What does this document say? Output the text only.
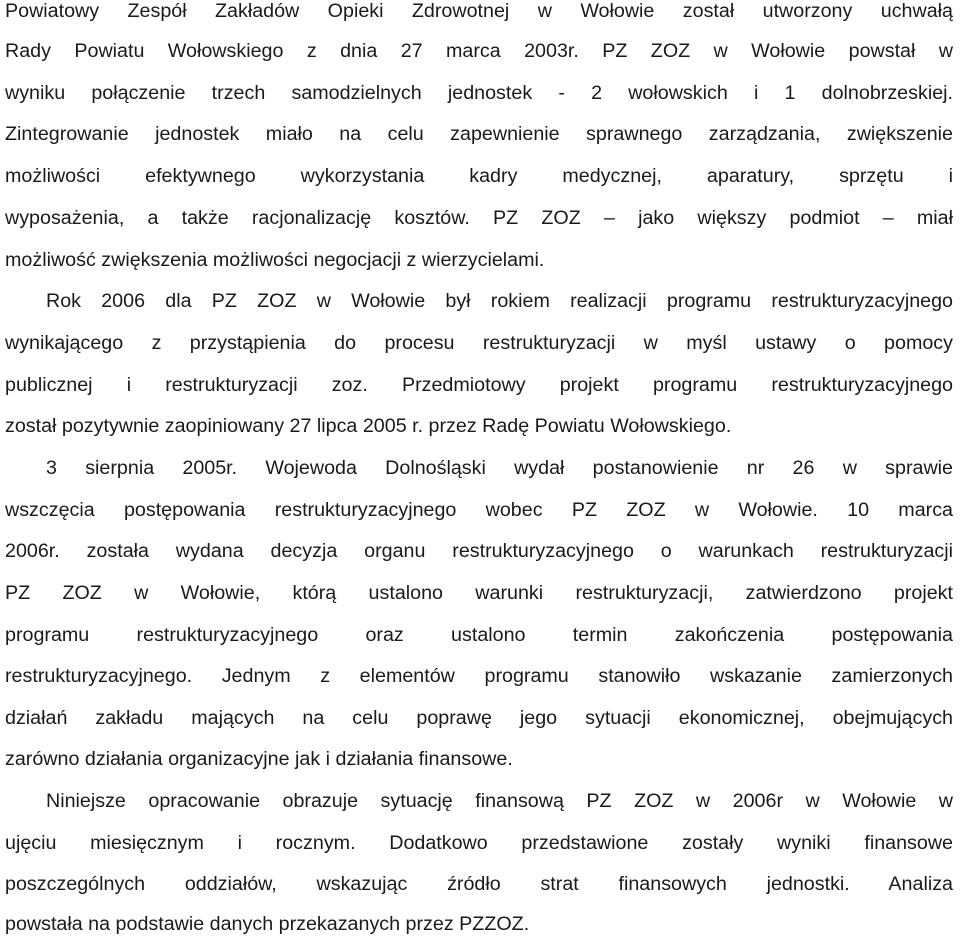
Powiatowy Zespół Zakładów Opieki Zdrowotnej w Wołowie został utworzony uchwałą
Rady Powiatu Wołowskiego z dnia 27 marca 2003r. PZ ZOZ w Wołowie powstał w
wyniku połączenie trzech samodzielnych jednostek - 2 wołowskich i 1 dolnobrzeskiej.
Zintegrowanie jednostek miało na celu zapewnienie sprawnego zarządzania, zwiększenie
możliwości efektywnego wykorzystania kadry medycznej, aparatury, sprzętu i
wyposażenia, a także racjonalizację kosztów. PZ ZOZ – jako większy podmiot – miał
możliwość zwiększenia możliwości negocjacji z wierzycielami.
Rok 2006 dla PZ ZOZ w Wołowie był rokiem realizacji programu restrukturyzacyjnego
wynikającego z przystąpienia do procesu restrukturyzacji w myśl ustawy o pomocy
publicznej i restrukturyzacji zoz. Przedmiotowy projekt programu restrukturyzacyjnego
został pozytywnie zaopiniowany 27 lipca 2005 r. przez Radę Powiatu Wołowskiego.
3 sierpnia 2005r. Wojewoda Dolnośląski wydał postanowienie nr 26 w sprawie
wszczęcia postępowania restrukturyzacyjnego wobec PZ ZOZ w Wołowie. 10 marca
2006r. została wydana decyzja organu restrukturyzacyjnego o warunkach restrukturyzacji
PZ ZOZ w Wołowie, którą ustalono warunki restrukturyzacji, zatwierdzono projekt
programu restrukturyzacyjnego oraz ustalono termin zakończenia postępowania
restrukturyzacyjnego. Jednym z elementów programu stanowiło wskazanie zamierzonych
działań zakładu mających na celu poprawę jego sytuacji ekonomicznej, obejmujących
zarówno działania organizacyjne jak i działania finansowe.
Niniejsze opracowanie obrazuje sytuację finansową PZ ZOZ w 2006r w Wołowie w
ujęciu miesięcznym i rocznym. Dodatkowo przedstawione zostały wyniki finansowe
poszczególnych oddziałów, wskazując źródło strat finansowych jednostki. Analiza
powstała na podstawie danych przekazanych przez PZZOZ.
